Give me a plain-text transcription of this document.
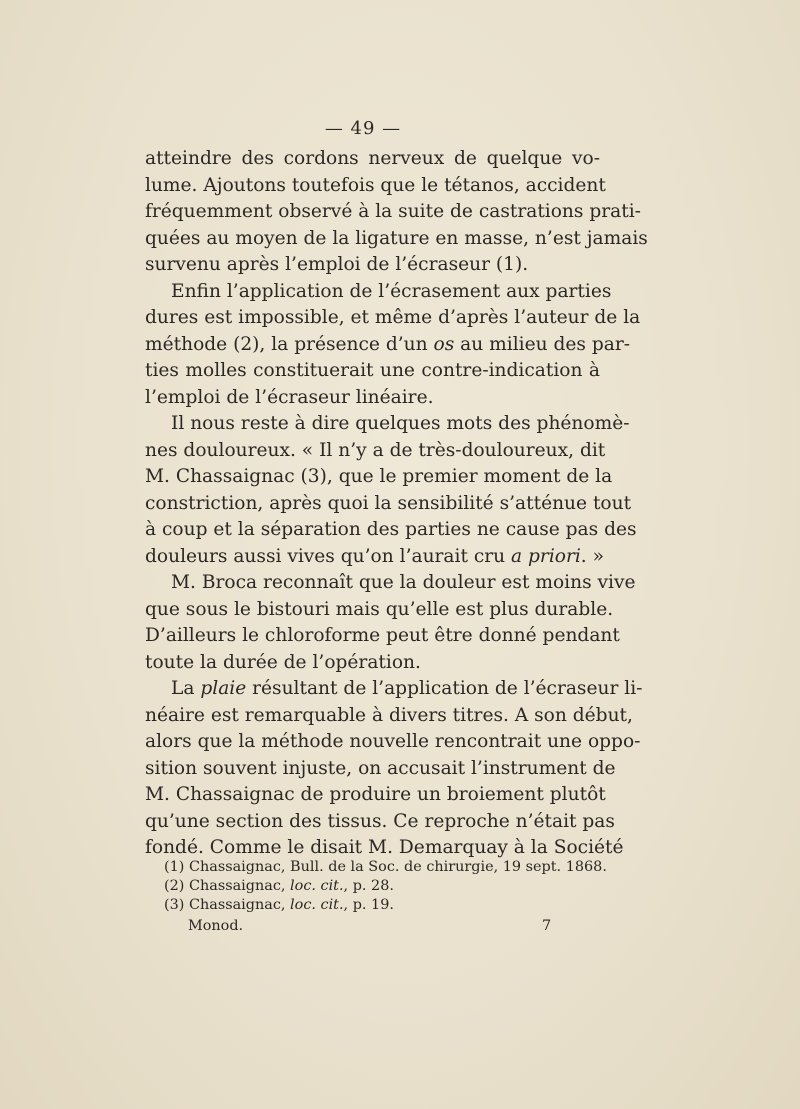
— 49 —
atteindre des cordons nerveux de quelque vo-
lume. Ajoutons toutefois que le tétanos, accident
fréquemment observé à la suite de castrations prati-
quées au moyen de la ligature en masse, n’est jamais
survenu après l’emploi de l’écraseur (1).
Enfin l’application de l’écrasement aux parties
dures est impossible, et même d’après l’auteur de la
méthode (2), la présence d’un os au milieu des par-
ties molles constituerait une contre-indication à
l’emploi de l’écraseur linéaire.
Il nous reste à dire quelques mots des phénomè-
nes douloureux. « Il n’y a de très-douloureux, dit
M. Chassaignac (3), que le premier moment de la
constriction, après quoi la sensibilité s’atténue tout
à coup et la séparation des parties ne cause pas des
douleurs aussi vives qu’on l’aurait cru a priori. »
M. Broca reconnaît que la douleur est moins vive
que sous le bistouri mais qu’elle est plus durable.
D’ailleurs le chloroforme peut être donné pendant
toute la durée de l’opération.
La plaie résultant de l’application de l’écraseur li-
néaire est remarquable à divers titres. A son début,
alors que la méthode nouvelle rencontrait une oppo-
sition souvent injuste, on accusait l’instrument de
M. Chassaignac de produire un broiement plutôt
qu’une section des tissus. Ce reproche n’était pas
fondé. Comme le disait M. Demarquay à la Société
(1) Chassaignac, Bull. de la Soc. de chirurgie, 19 sept. 1868.
(2) Chassaignac, loc. cit., p. 28.
(3) Chassaignac, loc. cit., p. 19.
Monod.	7
